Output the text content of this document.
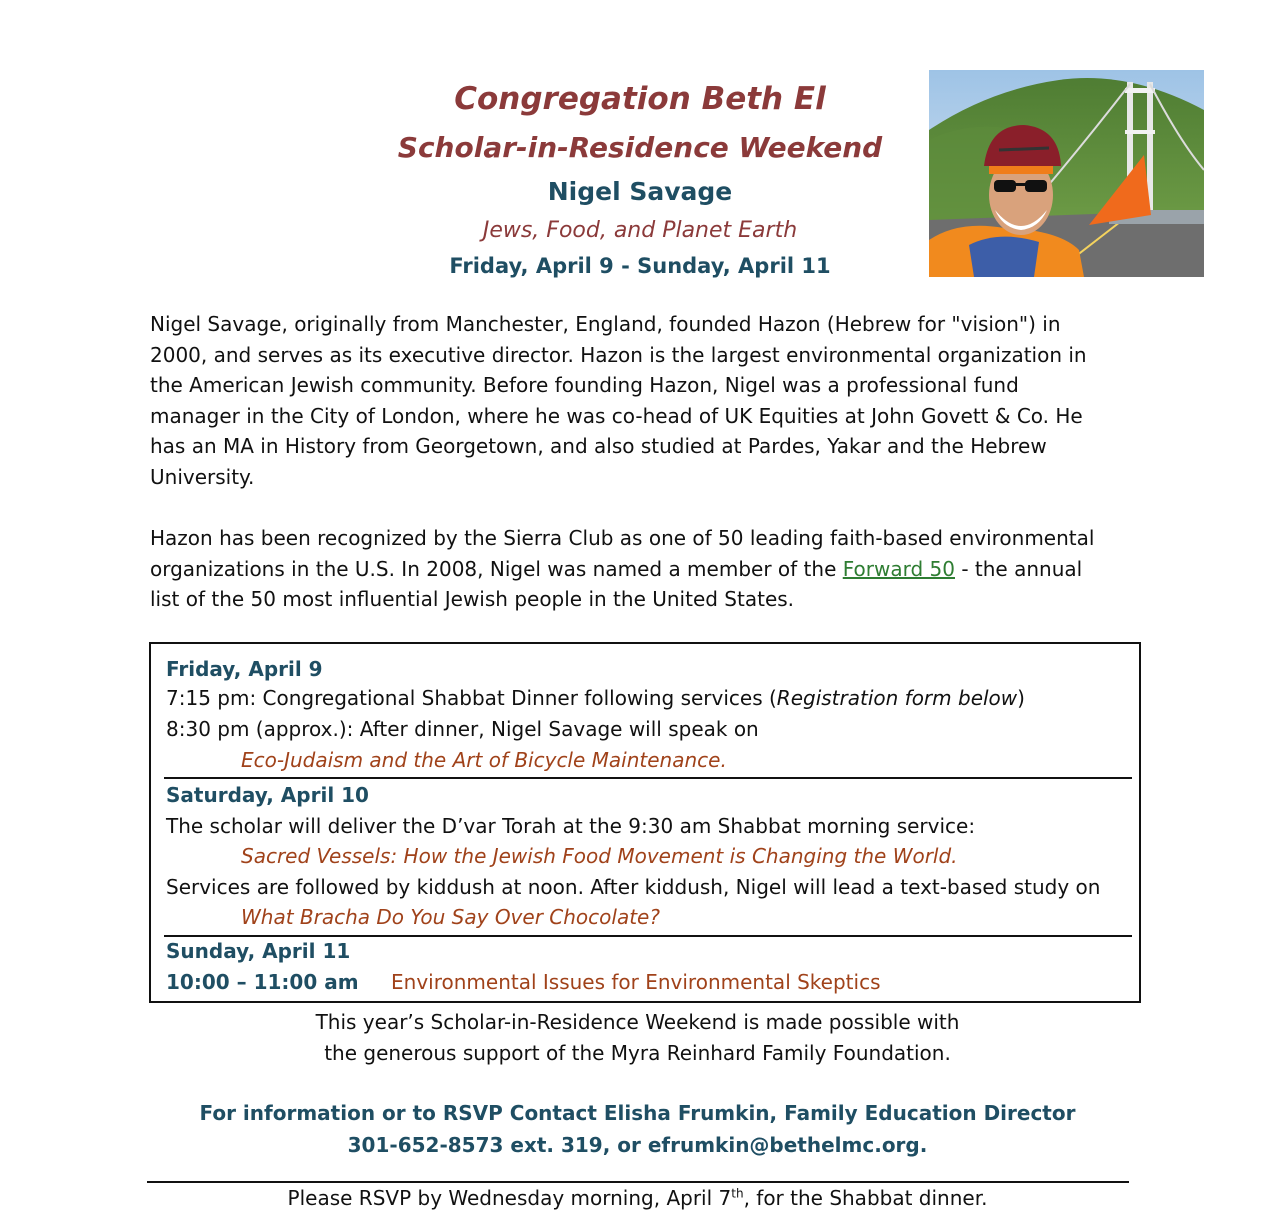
Congregation Beth El
Scholar-in-Residence Weekend
Nigel Savage
Jews, Food, and Planet Earth
Friday, April 9 - Sunday, April 11
Nigel Savage, originally from Manchester, England, founded Hazon (Hebrew for "vision") in
2000, and serves as its executive director. Hazon is the largest environmental organization in
the American Jewish community. Before founding Hazon, Nigel was a professional fund
manager in the City of London, where he was co-head of UK Equities at John Govett & Co. He
has an MA in History from Georgetown, and also studied at Pardes, Yakar and the Hebrew
University.
Hazon has been recognized by the Sierra Club as one of 50 leading faith-based environmental
organizations in the U.S. In 2008, Nigel was named a member of the Forward 50 - the annual
list of the 50 most influential Jewish people in the United States.
Friday, April 9
7:15 pm: Congregational Shabbat Dinner following services (Registration form below)
8:30 pm (approx.): After dinner, Nigel Savage will speak on
Eco-Judaism and the Art of Bicycle Maintenance.
Saturday, April 10
The scholar will deliver the D’var Torah at the 9:30 am Shabbat morning service:
Sacred Vessels: How the Jewish Food Movement is Changing the World.
Services are followed by kiddush at noon. After kiddush, Nigel will lead a text-based study on
What Bracha Do You Say Over Chocolate?
Sunday, April 11
10:00 – 11:00 am Environmental Issues for Environmental Skeptics
This year’s Scholar-in-Residence Weekend is made possible with
the generous support of the Myra Reinhard Family Foundation.
For information or to RSVP Contact Elisha Frumkin, Family Education Director
301-652-8573 ext. 319, or efrumkin@bethelmc.org.
Please RSVP by Wednesday morning, April 7th, for the Shabbat dinner.
